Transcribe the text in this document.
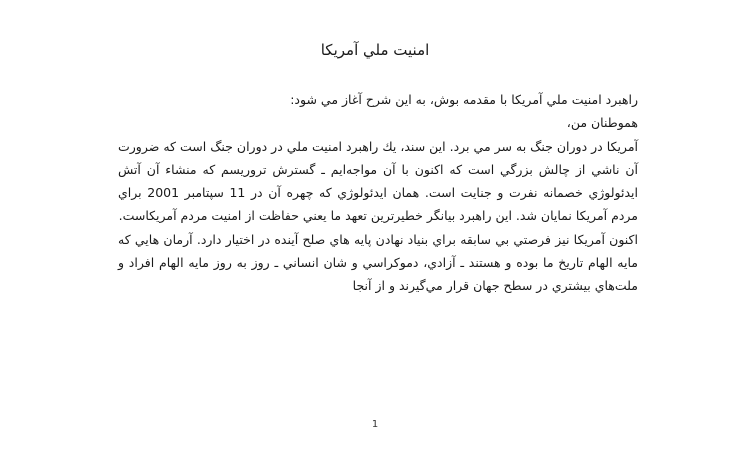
امنيت ملي آمريكا

راهبرد امنيت ملي آمريكا با مقدمه بوش، به اين شرح آغاز مي شود:

هموطنان من،

آمريكا در دوران جنگ به سر مي برد. اين سند، يك راهبرد امنيت ملي در دوران جنگ است كه ضرورت آن ناشي از چالش بزرگي است كه اكنون با آن مواجه‌ايم ـ گسترش تروريسم كه منشاء آن آتش ايدئولوژي خصمانه نفرت و جنايت است. همان ايدئولوژي كه چهره آن در 11 سپتامبر 2001 براي مردم آمريكا نمايان شد. اين راهبرد بيانگر خطيرترين تعهد ما يعني حفاظت از امنيت مردم آمريكاست.

اكنون آمريكا نيز فرصتي بي سابقه براي بنياد نهادن پايه هاي صلح آينده در اختيار دارد. آرمان هايي كه مايه الهام تاريخ ما بوده و هستند ـ آزادي، دموكراسي و شان انساني ـ روز به روز مايه الهام افراد و ملت‌هاي بيشتري در سطح جهان قرار مي‌گيرند و از آنجا

1
